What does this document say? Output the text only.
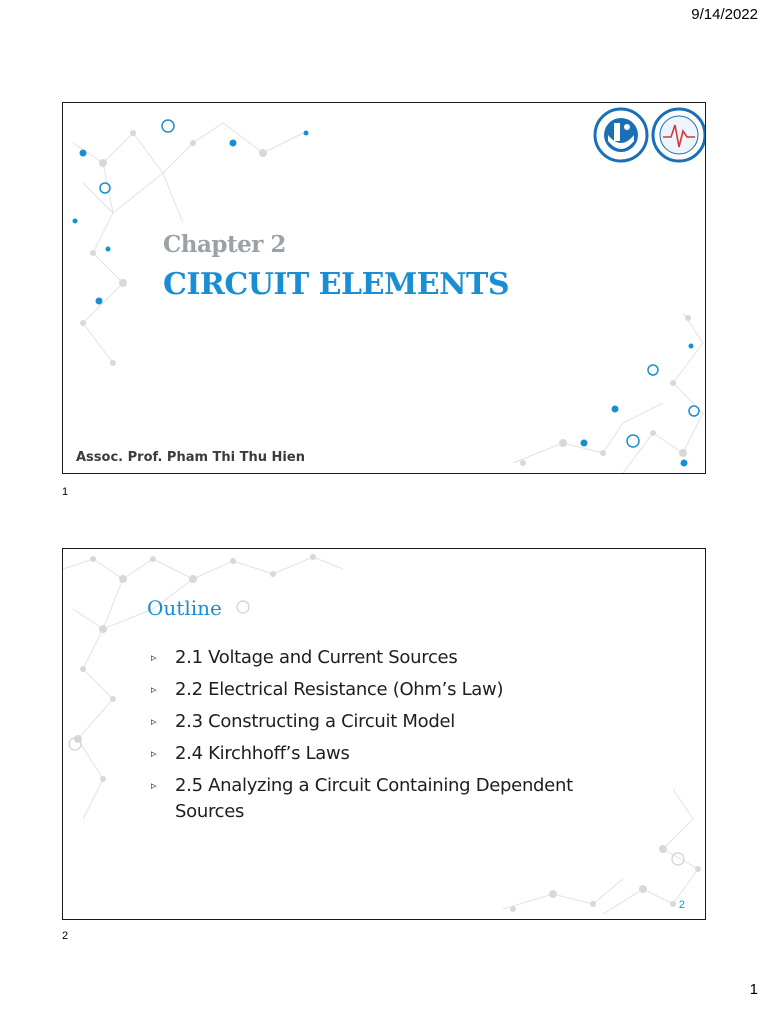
9/14/2022
Chapter 2
CIRCUIT ELEMENTS
Assoc. Prof. Pham Thi Thu Hien
1
Outline
▹ 2.1 Voltage and Current Sources
▹ 2.2 Electrical Resistance (Ohm’s Law)
▹ 2.3 Constructing a Circuit Model
▹ 2.4 Kirchhoff’s Laws
▹ 2.5 Analyzing a Circuit Containing Dependent Sources
2
2
1
